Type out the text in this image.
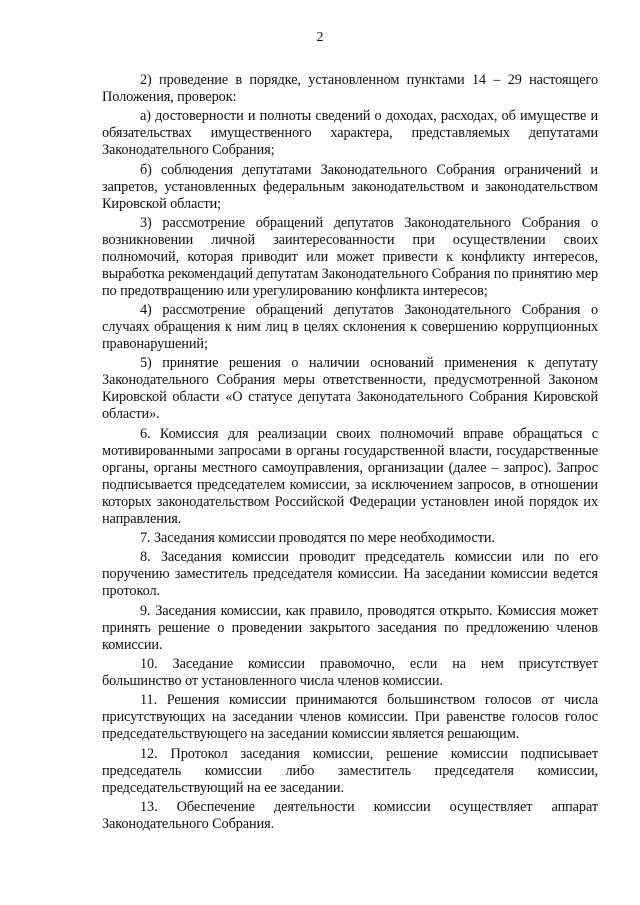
2

2) проведение в порядке, установленном пунктами 14 – 29 настоящего Положения, проверок:

а) достоверности и полноты сведений о доходах, расходах, об имуществе и обязательствах имущественного характера, представляемых депутатами Законодательного Собрания;

б) соблюдения депутатами Законодательного Собрания ограничений и запретов, установленных федеральным законодательством и законодательством Кировской области;

3) рассмотрение обращений депутатов Законодательного Собрания о возникновении личной заинтересованности при осуществлении своих полномочий, которая приводит или может привести к конфликту интересов, выработка рекомендаций депутатам Законодательного Собрания по принятию мер по предотвращению или урегулированию конфликта интересов;

4) рассмотрение обращений депутатов Законодательного Собрания о случаях обращения к ним лиц в целях склонения к совершению коррупционных правонарушений;

5) принятие решения о наличии оснований применения к депутату Законодательного Собрания меры ответственности, предусмотренной Законом Кировской области «О статусе депутата Законодательного Собрания Кировской области».

6. Комиссия для реализации своих полномочий вправе обращаться с мотивированными запросами в органы государственной власти, государственные органы, органы местного самоуправления, организации (далее – запрос). Запрос подписывается председателем комиссии, за исключением запросов, в отношении которых законодательством Российской Федерации установлен иной порядок их направления.

7. Заседания комиссии проводятся по мере необходимости.

8. Заседания комиссии проводит председатель комиссии или по его поручению заместитель председателя комиссии. На заседании комиссии ведется протокол.

9. Заседания комиссии, как правило, проводятся открыто. Комиссия может принять решение о проведении закрытого заседания по предложению членов комиссии.

10. Заседание комиссии правомочно, если на нем присутствует большинство от установленного числа членов комиссии.

11. Решения комиссии принимаются большинством голосов от числа присутствующих на заседании членов комиссии. При равенстве голосов голос председательствующего на заседании комиссии является решающим.

12. Протокол заседания комиссии, решение комиссии подписывает председатель комиссии либо заместитель председателя комиссии, председательствующий на ее заседании.

13. Обеспечение деятельности комиссии осуществляет аппарат Законодательного Собрания.
